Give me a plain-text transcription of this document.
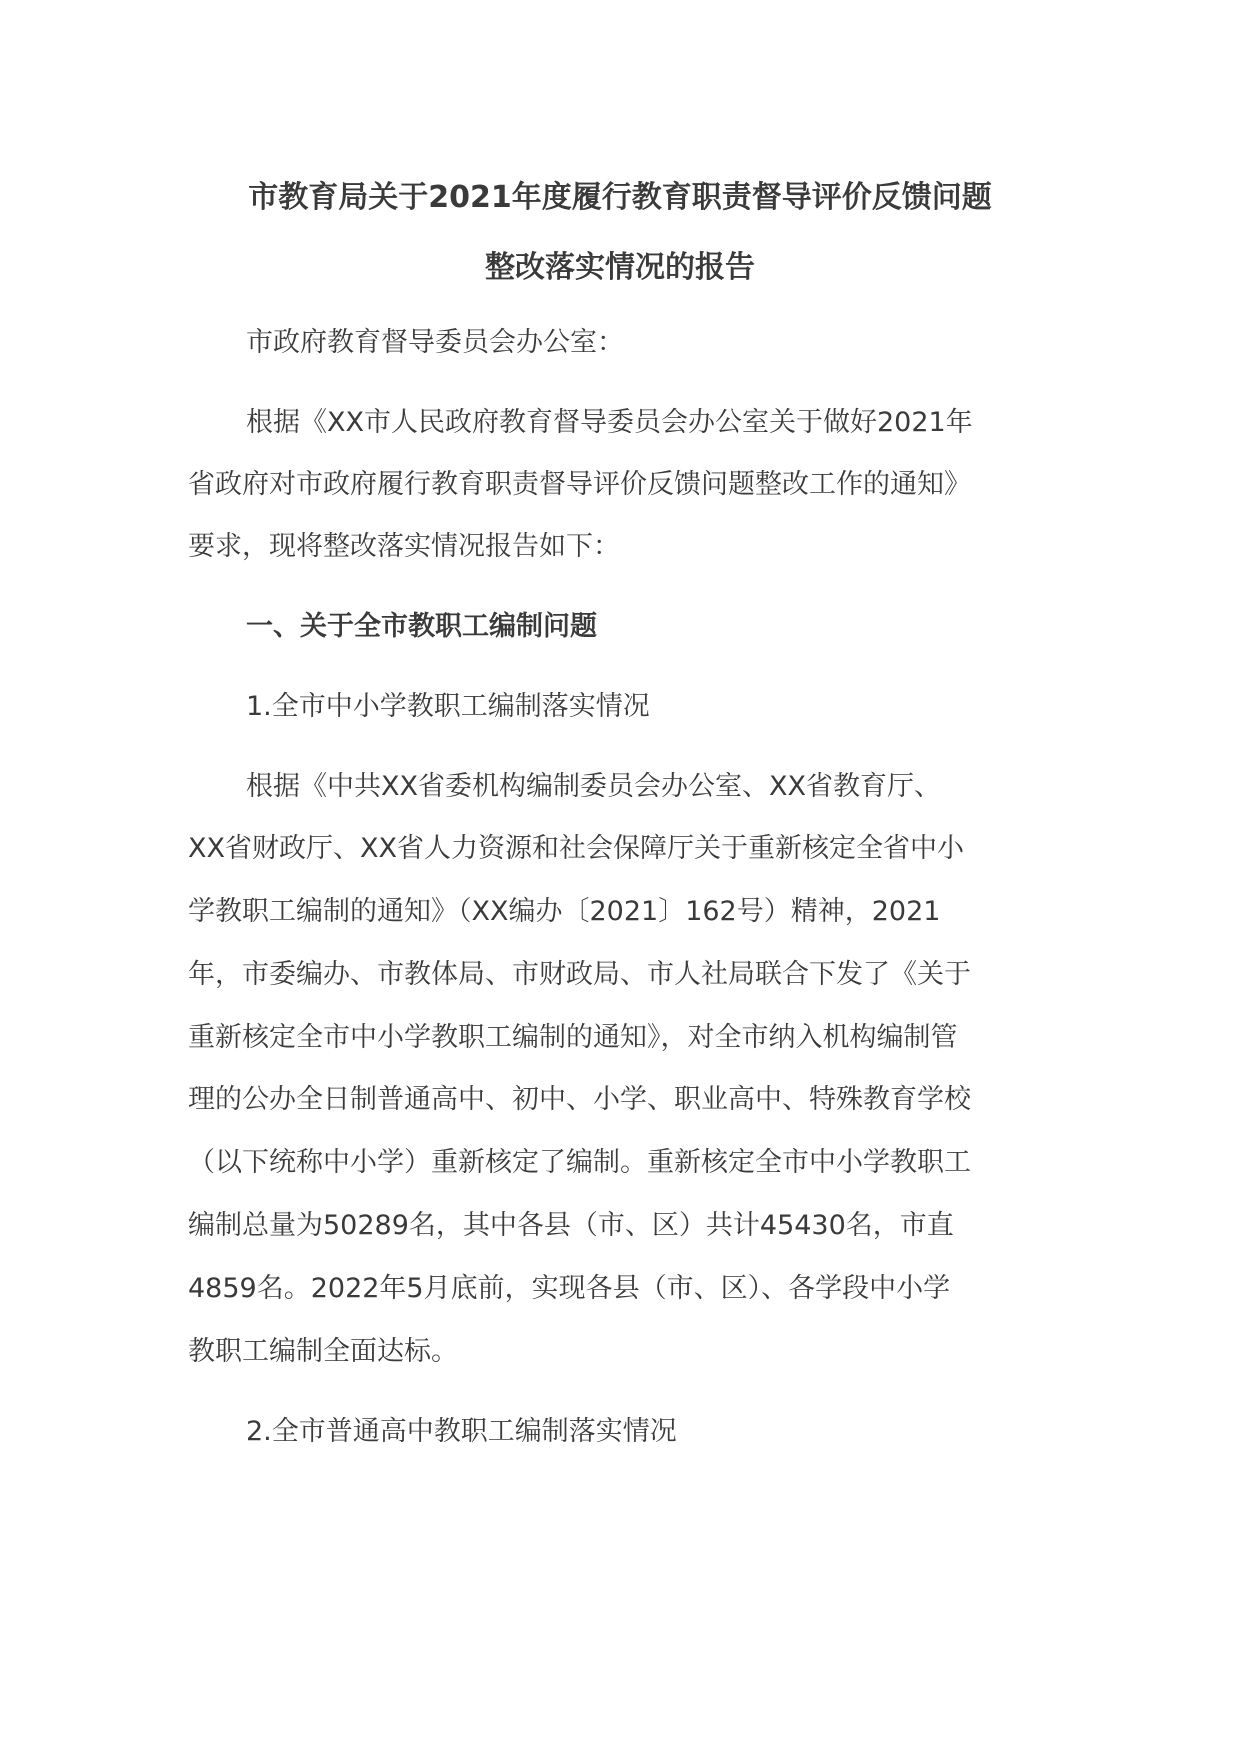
市教育局关于2021年度履行教育职责督导评价反馈问题
整改落实情况的报告
市政府教育督导委员会办公室：
根据《XX市人民政府教育督导委员会办公室关于做好2021年
省政府对市政府履行教育职责督导评价反馈问题整改工作的通知》
要求，现将整改落实情况报告如下：
一、关于全市教职工编制问题
1.全市中小学教职工编制落实情况
根据《中共XX省委机构编制委员会办公室、XX省教育厅、
XX省财政厅、XX省人力资源和社会保障厅关于重新核定全省中小
学教职工编制的通知》（XX编办〔2021〕162号）精神，2021
年，市委编办、市教体局、市财政局、市人社局联合下发了《关于
重新核定全市中小学教职工编制的通知》，对全市纳入机构编制管
理的公办全日制普通高中、初中、小学、职业高中、特殊教育学校
（以下统称中小学）重新核定了编制。重新核定全市中小学教职工
编制总量为50289名，其中各县（市、区）共计45430名，市直
4859名。2022年5月底前，实现各县（市、区）、各学段中小学
教职工编制全面达标。
2.全市普通高中教职工编制落实情况
